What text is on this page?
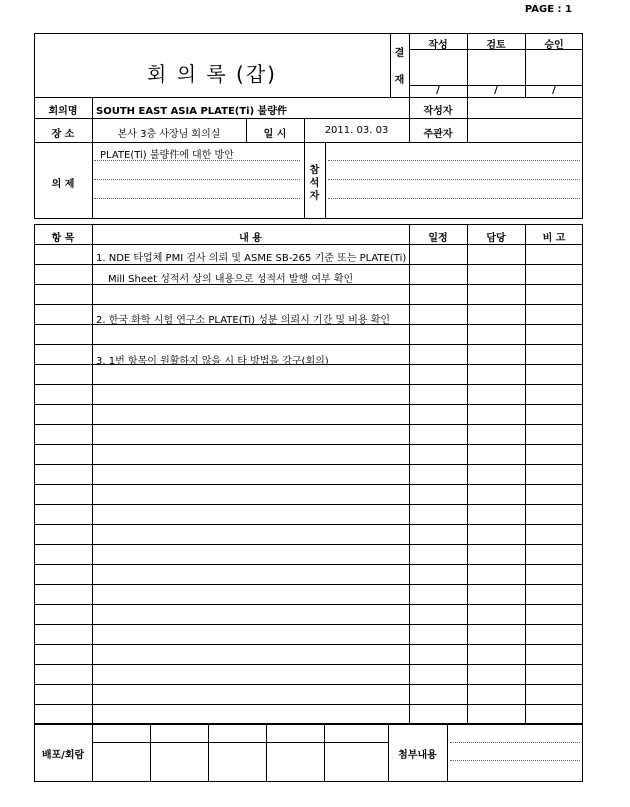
PAGE : 1
회 의 록 (갑)
결
재
작성	검토	승인
/	/	/
회의명	SOUTH EAST ASIA PLATE(Ti) 불량件	작성자
장 소	본사 3층 사장님 회의실	일 시	2011. 03. 03	주관자
의 제
PLATE(Ti) 불량件에 대한 방안
참
석
자
항 목	내 용	일정	담당	비 고
1. NDE 타업체 PMI 검사 의뢰 및 ASME SB-265 기준 또는 PLATE(Ti)
Mill Sheet 성적서 상의 내용으로 성적서 발행 여부 확인
2. 한국 화학 시험 연구소 PLATE(Ti) 성분 의뢰시 기간 및 비용 확인
3. 1번 항목이 원활하지 않을 시 타 방법을 강구(회의)
배포/회람	첨부내용
